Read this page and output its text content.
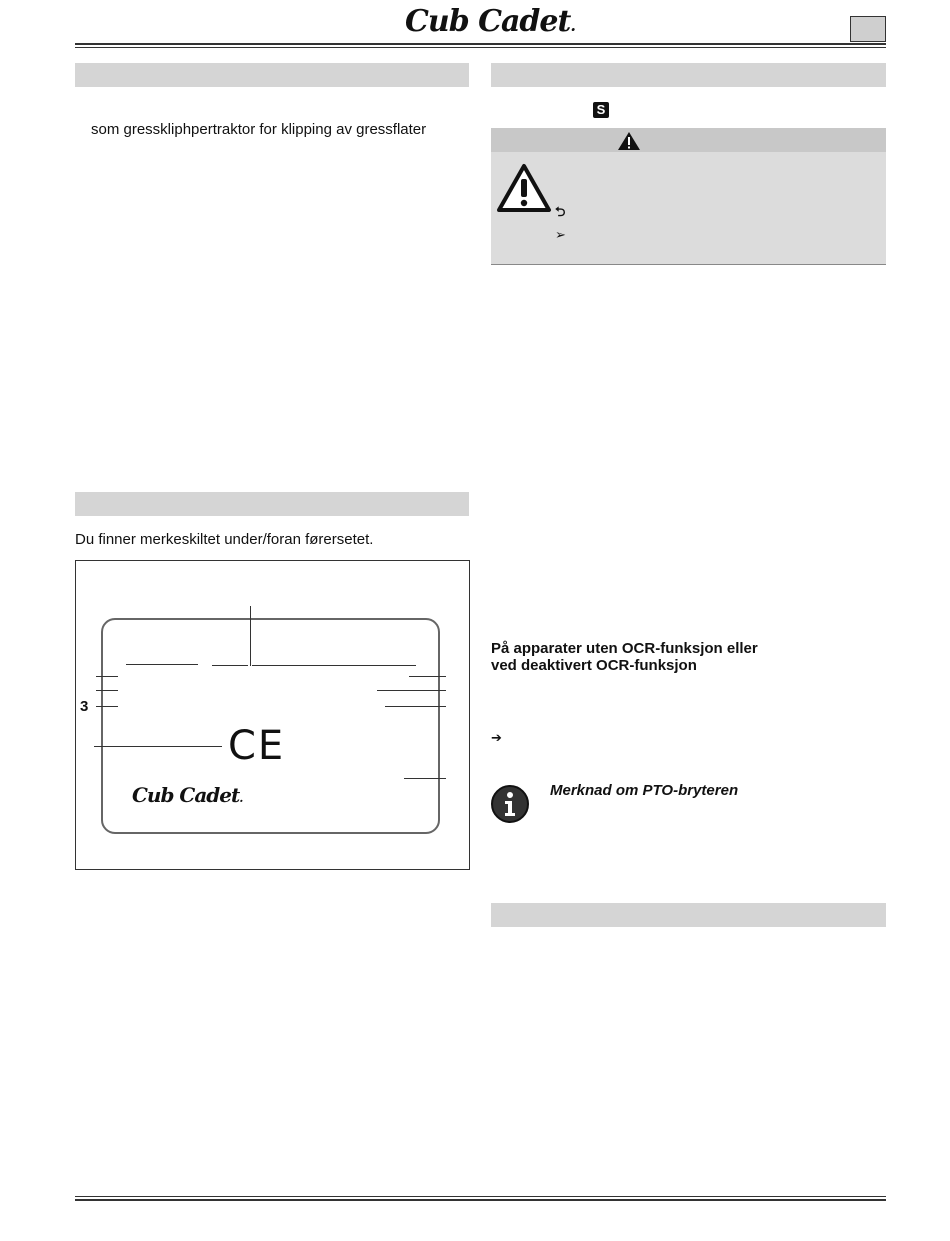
Cub Cadet.
som gresskliphpertraktor for klipping av gressflater
Du finner merkeskiltet under/foran førersetet.
3
CE
Cub Cadet.
S
⮌
➢
På apparater uten OCR-funksjon eller
ved deaktivert OCR-funksjon
➔
Merknad om PTO-bryteren
